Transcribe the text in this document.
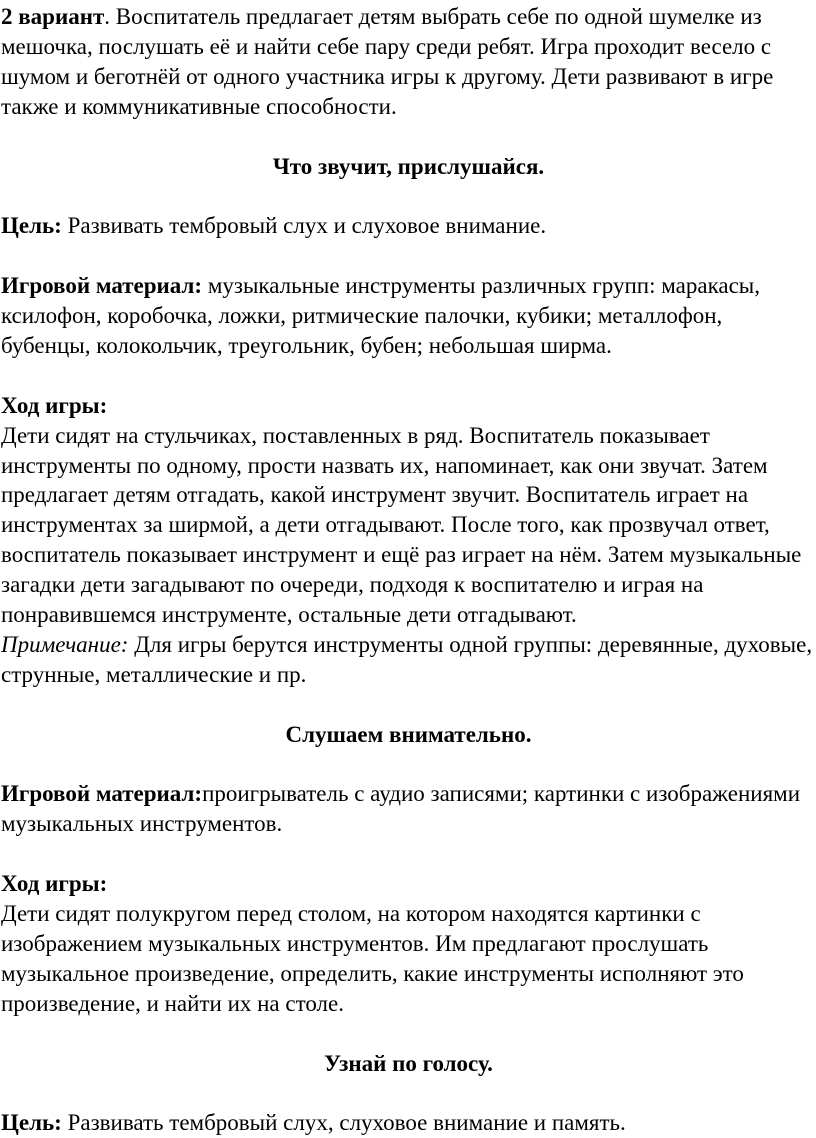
2 вариант. Воспитатель предлагает детям выбрать себе по одной шумелке из мешочка, послушать её и найти себе пару среди ребят. Игра проходит весело с шумом и беготнёй от одного участника игры к другому. Дети развивают в игре также и коммуникативные способности.

Что звучит, прислушайся.

Цель: Развивать тембровый слух и слуховое внимание.

Игровой материал: музыкальные инструменты различных групп: маракасы, ксилофон, коробочка, ложки, ритмические палочки, кубики; металлофон, бубенцы, колокольчик, треугольник, бубен; небольшая ширма.

Ход игры:

Дети сидят на стульчиках, поставленных в ряд. Воспитатель показывает инструменты по одному, прости назвать их, напоминает, как они звучат. Затем предлагает детям отгадать, какой инструмент звучит. Воспитатель играет на инструментах за ширмой, а дети отгадывают. После того, как прозвучал ответ, воспитатель показывает инструмент и ещё раз играет на нём. Затем музыкальные загадки дети загадывают по очереди, подходя к воспитателю и играя на понравившемся инструменте, остальные дети отгадывают.

Примечание: Для игры берутся инструменты одной группы: деревянные, духовые, струнные, металлические и пр.

Слушаем внимательно.

Игровой материал:проигрыватель с аудио записями; картинки с изображениями музыкальных инструментов.

Ход игры:

Дети сидят полукругом перед столом, на котором находятся картинки с изображением музыкальных инструментов. Им предлагают прослушать музыкальное произведение, определить, какие инструменты исполняют это произведение, и найти их на столе.

Узнай по голосу.

Цель: Развивать тембровый слух, слуховое внимание и память.
